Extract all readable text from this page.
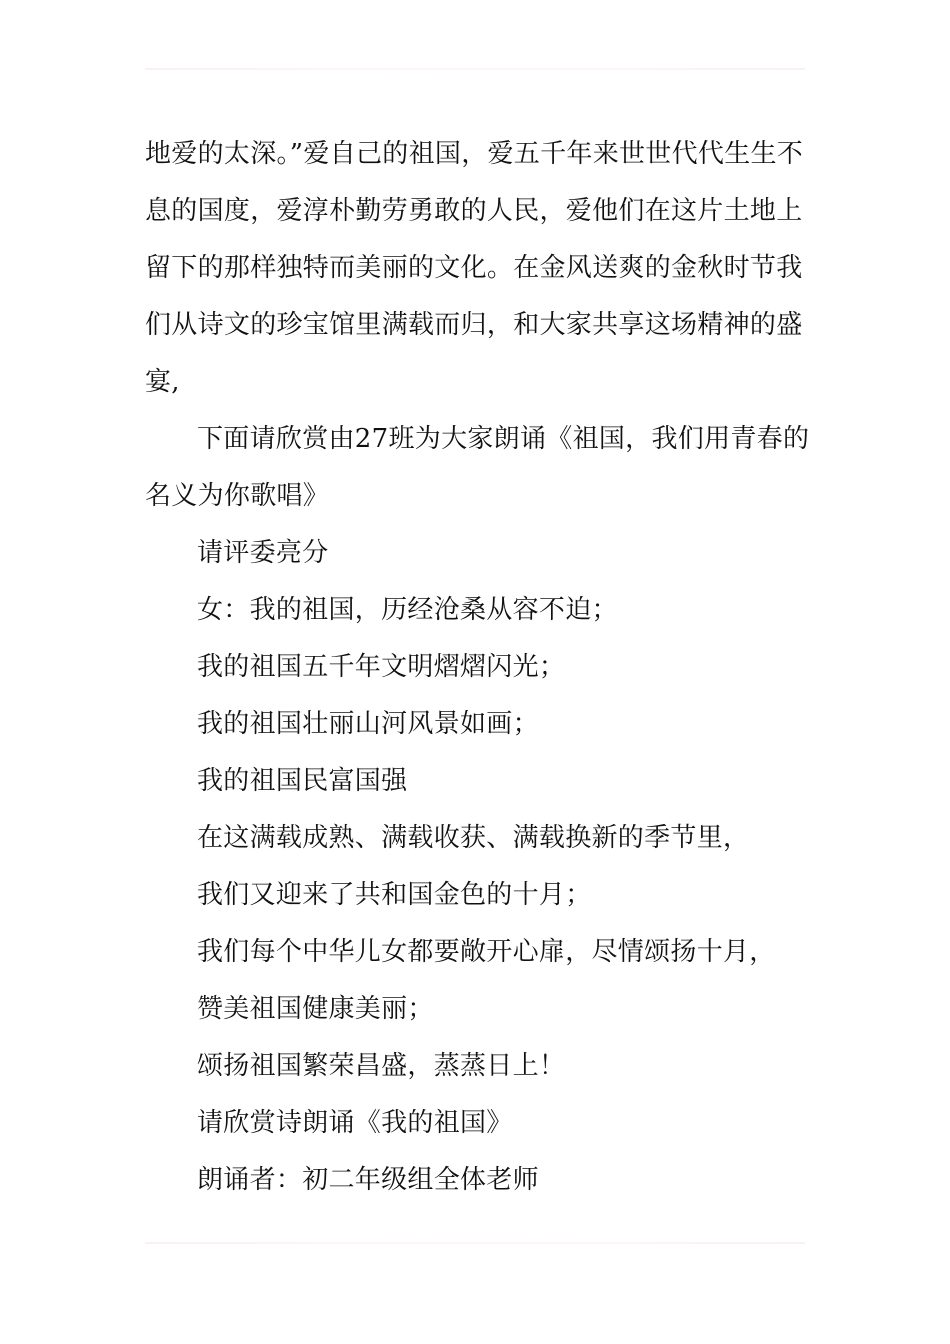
地爱的太深。”爱自己的祖国，爱五千年来世世代代生生不息的国度，爱淳朴勤劳勇敢的人民，爱他们在这片土地上留下的那样独特而美丽的文化。在金风送爽的金秋时节我们从诗文的珍宝馆里满载而归，和大家共享这场精神的盛宴,

下面请欣赏由27班为大家朗诵《祖国，我们用青春的名义为你歌唱》

请评委亮分

女：我的祖国，历经沧桑从容不迫；

我的祖国五千年文明熠熠闪光；

我的祖国壮丽山河风景如画；

我的祖国民富国强

在这满载成熟、满载收获、满载换新的季节里，

我们又迎来了共和国金色的十月；

我们每个中华儿女都要敞开心扉，尽情颂扬十月，

赞美祖国健康美丽；

颂扬祖国繁荣昌盛，蒸蒸日上！

请欣赏诗朗诵《我的祖国》

朗诵者：初二年级组全体老师
